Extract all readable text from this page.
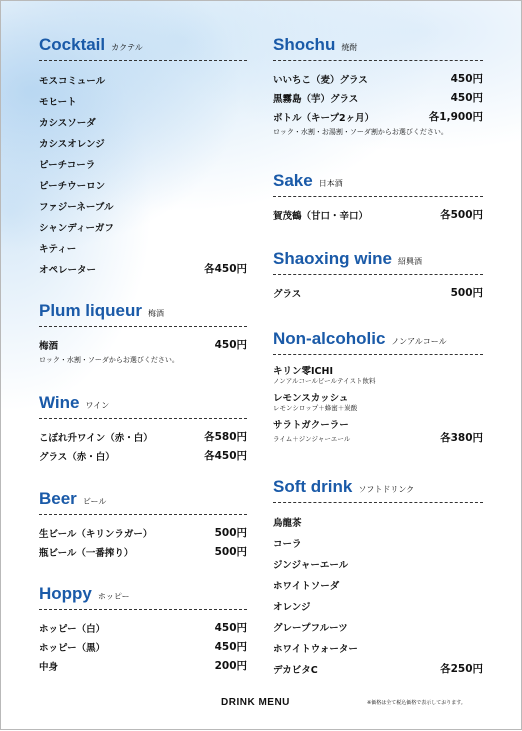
Cocktail カクテル
モスコミュール
モヒート
カシスソーダ
カシスオレンジ
ピーチコーラ
ピーチウーロン
ファジーネーブル
シャンディーガフ
キティー
オペレーター	各450円
Plum liqueur 梅酒
梅酒	450円
ロック・水割・ソーダからお選びください。
Wine ワイン
こぼれ升ワイン（赤・白）	各580円
グラス（赤・白）	各450円
Beer ビール
生ビール（キリンラガー）	500円
瓶ビール（一番搾り）	500円
Hoppy ホッピー
ホッピー（白）	450円
ホッピー（黒）	450円
中身	200円
Shochu 焼酎
いいちこ（麦）グラス	450円
黒霧島（芋）グラス	450円
ボトル（キープ2ヶ月）	各1,900円
ロック・水割・お湯割・ソーダ割からお選びください。
Sake 日本酒
賀茂鶴（甘口・辛口）	各500円
Shaoxing wine 紹興酒
グラス	500円
Non-alcoholic ノンアルコール
キリン零ICHI
ノンアルコールビールテイスト飲料
レモンスカッシュ
レモンシロップ＋蜂蜜＋炭酸
サラトガクーラー
ライム＋ジンジャーエール	各380円
Soft drink ソフトドリンク
烏龍茶
コーラ
ジンジャーエール
ホワイトソーダ
オレンジ
グレープフルーツ
ホワイトウォーター
デカビタC	各250円
DRINK MENU	※価格は全て税込価格で表示しております。
